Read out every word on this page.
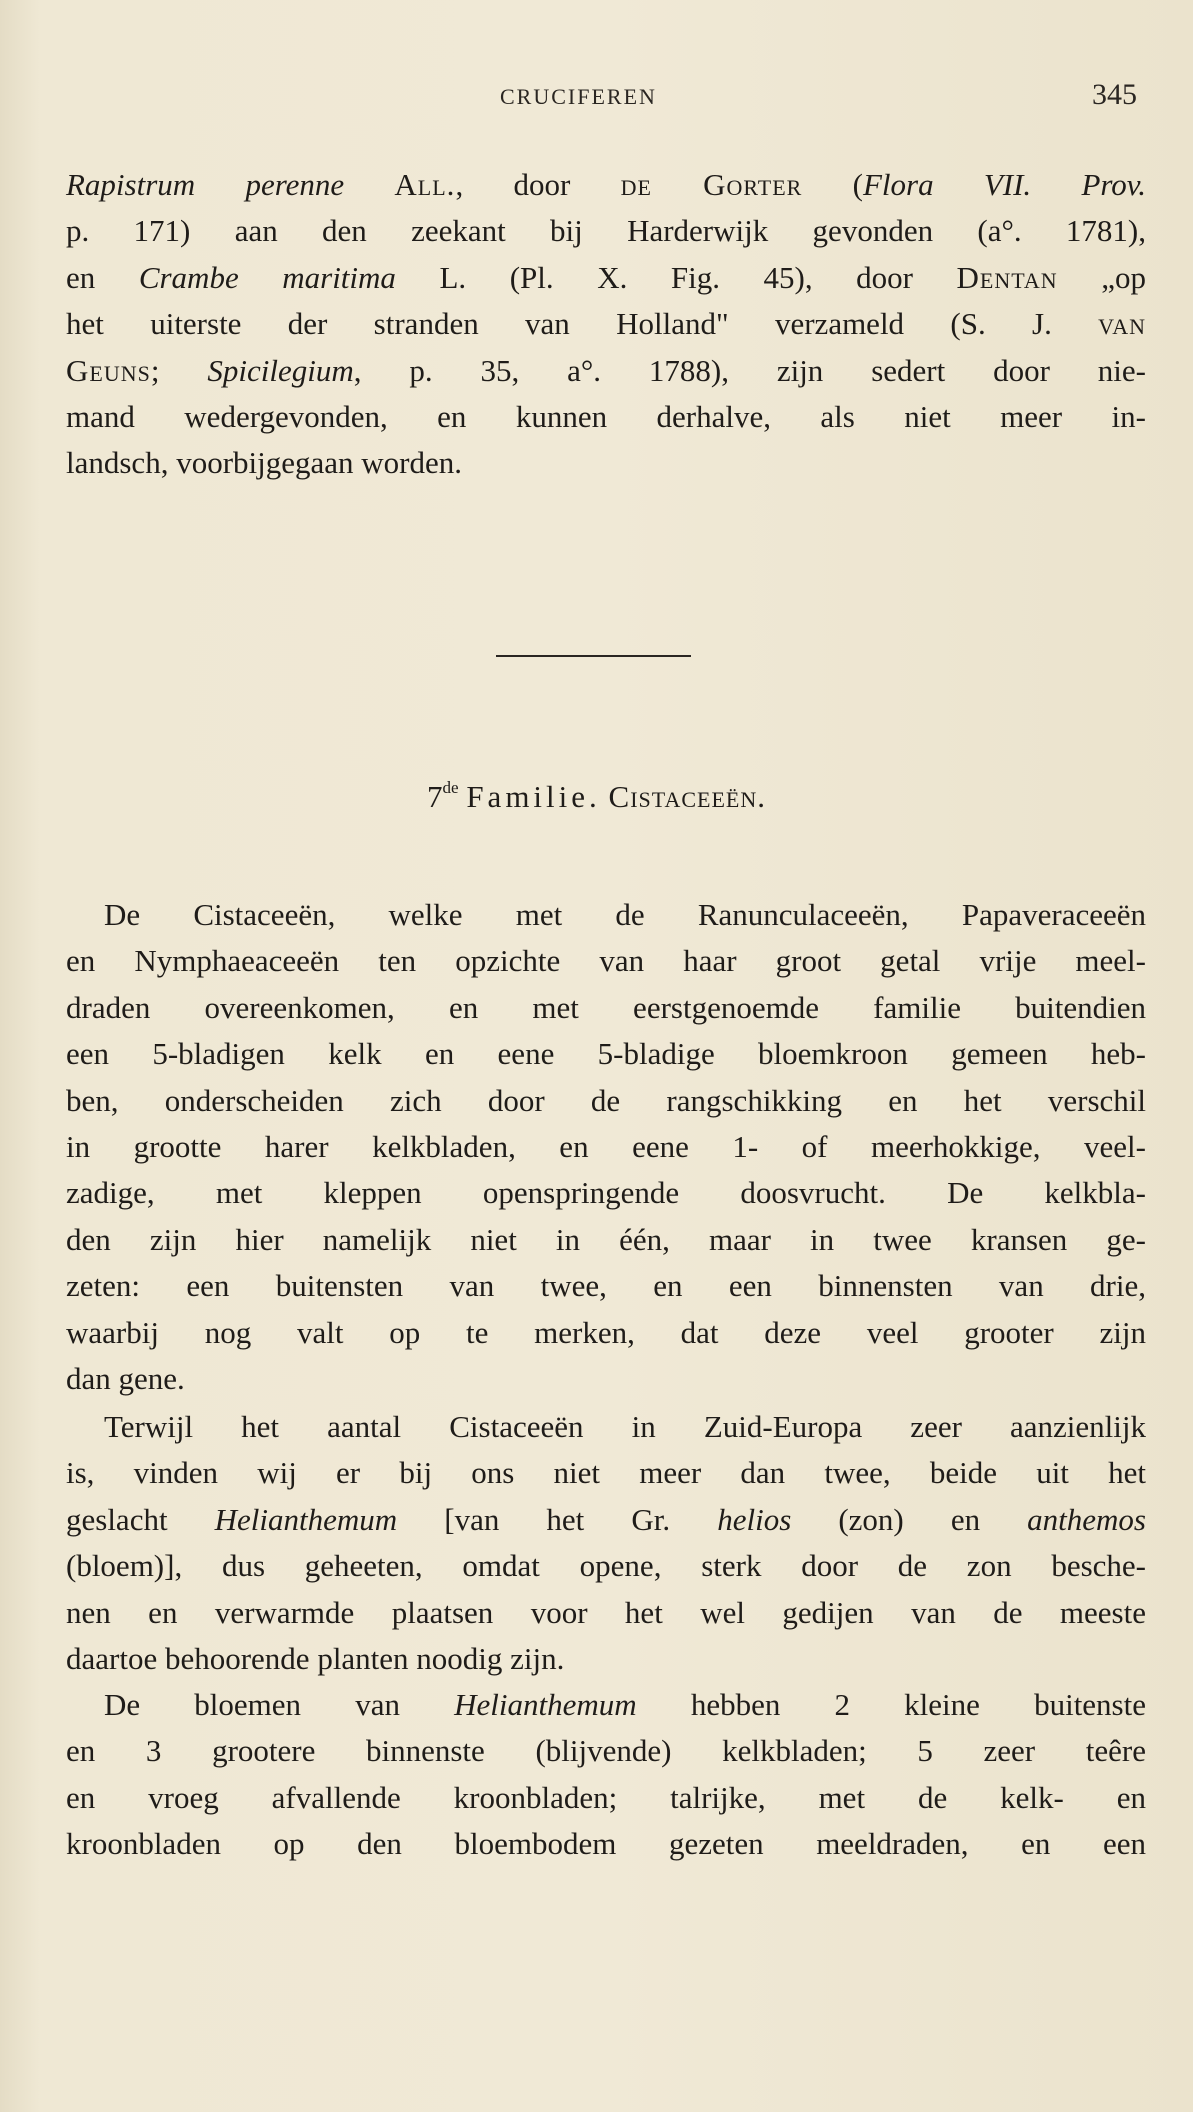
CRUCIFEREN	345
Rapistrum perenne All., door de Gorter (Flora VII. Prov.
p. 171) aan den zeekant bij Harderwijk gevonden (a°. 1781),
en Crambe maritima L. (Pl. X. Fig. 45), door Dentan „op
het uiterste der stranden van Holland" verzameld (S. J. van
Geuns; Spicilegium, p. 35, a°. 1788), zijn sedert door nie-
mand wedergevonden, en kunnen derhalve, als niet meer in-
landsch, voorbijgegaan worden.
7de Familie. Cistaceeën.
De Cistaceeën, welke met de Ranunculaceeën, Papaveraceeën
en Nymphaeaceeën ten opzichte van haar groot getal vrije meel-
draden overeenkomen, en met eerstgenoemde familie buitendien
een 5-bladigen kelk en eene 5-bladige bloemkroon gemeen heb-
ben, onderscheiden zich door de rangschikking en het verschil
in grootte harer kelkbladen, en eene 1- of meerhokkige, veel-
zadige, met kleppen openspringende doosvrucht. De kelkbla-
den zijn hier namelijk niet in één, maar in twee kransen ge-
zeten: een buitensten van twee, en een binnensten van drie,
waarbij nog valt op te merken, dat deze veel grooter zijn
dan gene.
Terwijl het aantal Cistaceeën in Zuid-Europa zeer aanzienlijk
is, vinden wij er bij ons niet meer dan twee, beide uit het
geslacht Helianthemum [van het Gr. helios (zon) en anthemos
(bloem)], dus geheeten, omdat opene, sterk door de zon besche-
nen en verwarmde plaatsen voor het wel gedijen van de meeste
daartoe behoorende planten noodig zijn.
De bloemen van Helianthemum hebben 2 kleine buitenste
en 3 grootere binnenste (blijvende) kelkbladen; 5 zeer teêre
en vroeg afvallende kroonbladen; talrijke, met de kelk- en
kroonbladen op den bloembodem gezeten meeldraden, en een
